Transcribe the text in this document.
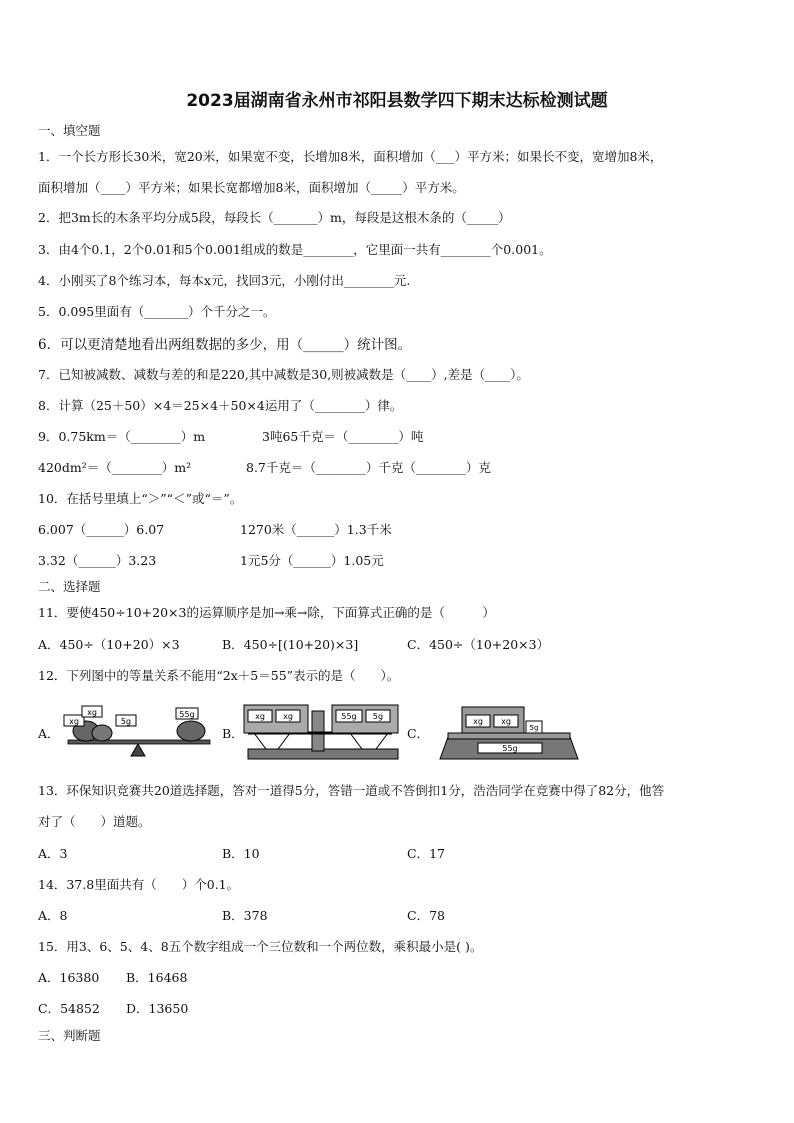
2023届湖南省永州市祁阳县数学四下期末达标检测试题
一、填空题
1．一个长方形长30米，宽20米，如果宽不变，长增加8米，面积增加（___）平方米；如果长不变，宽增加8米，
面积增加（____）平方米；如果长宽都增加8米，面积增加（_____）平方米。
2．把3m长的木条平均分成5段，每段长（_______）m，每段是这根木条的（_____）
3．由4个0.1，2个0.01和5个0.001组成的数是________，它里面一共有________个0.001。
4．小刚买了8个练习本，每本x元，找回3元，小刚付出________元.
5．0.095里面有（_______）个千分之一。
6．可以更清楚地看出两组数据的多少，用（______）统计图。
7．已知被减数、减数与差的和是220,其中减数是30,则被减数是（____）,差是（____）。
8．计算（25＋50）×4＝25×4＋50×4运用了（________）律。
9．0.75km＝（________）m	3吨65千克＝（________）吨
420dm²＝（________）m²	8.7千克＝（________）千克（________）克
10．在括号里填上“＞”“＜”或“＝”。
6.007（______）6.07	1270米（______）1.3千米
3.32（______）3.23	1元5分（______）1.05元
二、选择题
11．要使450÷10+20×3的运算顺序是加→乘→除，下面算式正确的是（　　　）
A．450÷（10+20）×3	B．450÷[(10+20)×3]	C．450÷（10+20×3）
12．下列图中的等量关系不能用“2x＋5＝55”表示的是（　　）。
A．	B．	C．
xg
xg
5g
55g	xg xg	55g 5g
55g
xg xg
5g
13．环保知识竞赛共20道选择题，答对一道得5分，答错一道或不答倒扣1分，浩浩同学在竞赛中得了82分，他答
对了（　　）道题。
A．3	B．10	C．17
14．37.8里面共有（　　）个0.1。
A．8	B．378	C．78
15．用3、6、5、4、8五个数字组成一个三位数和一个两位数，乘积最小是( )。
A．16380 B．16468
C．54852 D．13650
三、判断题
